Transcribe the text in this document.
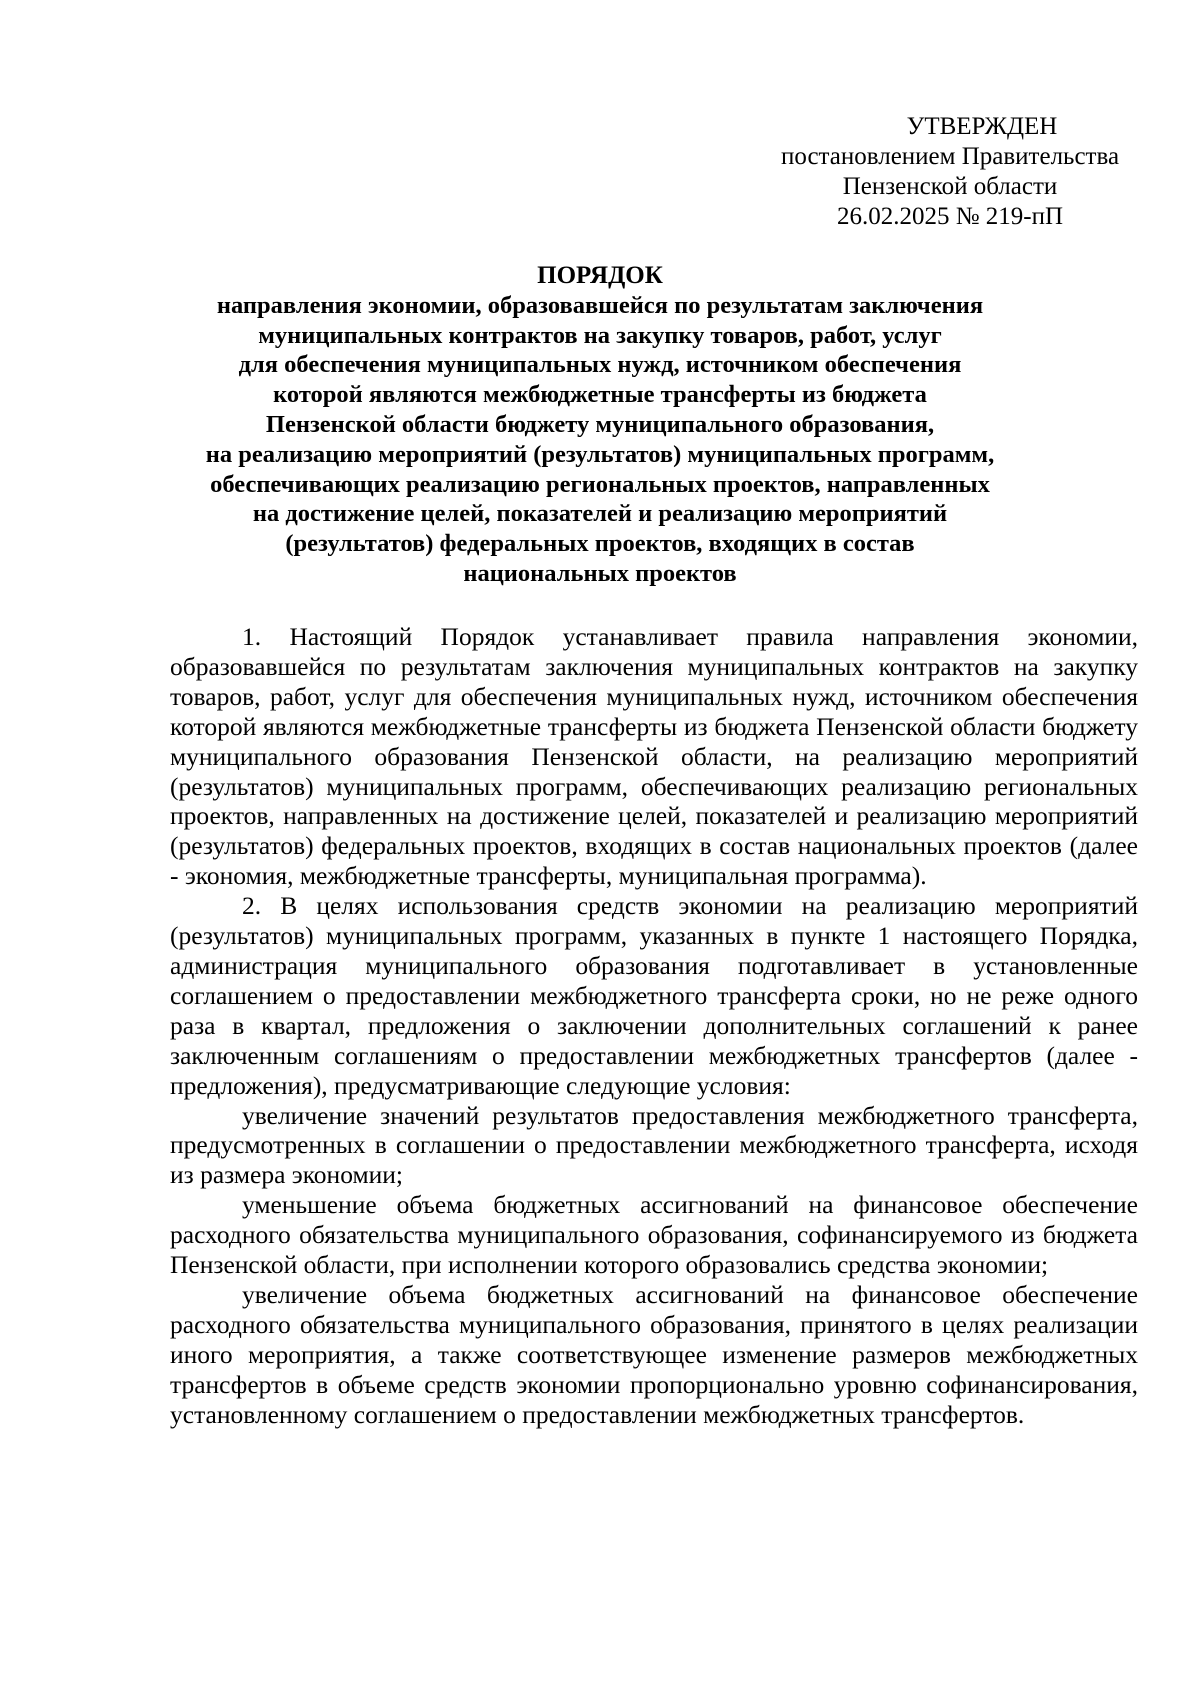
УТВЕРЖДЕН
постановлением Правительства
Пензенской области
26.02.2025 № 219-пП
ПОРЯДОК
направления экономии, образовавшейся по результатам заключения
муниципальных контрактов на закупку товаров, работ, услуг
для обеспечения муниципальных нужд, источником обеспечения
которой являются межбюджетные трансферты из бюджета
Пензенской области бюджету муниципального образования,
на реализацию мероприятий (результатов) муниципальных программ,
обеспечивающих реализацию региональных проектов, направленных
на достижение целей, показателей и реализацию мероприятий
(результатов) федеральных проектов, входящих в состав
национальных проектов

1. Настоящий Порядок устанавливает правила направления экономии, образовавшейся по результатам заключения муниципальных контрактов на закупку товаров, работ, услуг для обеспечения муниципальных нужд, источником обеспечения которой являются межбюджетные трансферты из бюджета Пензенской области бюджету муниципального образования Пензенской области, на реализацию мероприятий (результатов) муниципальных программ, обеспечивающих реализацию региональных проектов, направленных на достижение целей, показателей и реализацию мероприятий (результатов) федеральных проектов, входящих в состав национальных проектов (далее - экономия, межбюджетные трансферты, муниципальная программа).

2. В целях использования средств экономии на реализацию мероприятий (результатов) муниципальных программ, указанных в пункте 1 настоящего Порядка, администрация муниципального образования подготавливает в установленные соглашением о предоставлении межбюджетного трансферта сроки, но не реже одного раза в квартал, предложения о заключении дополнительных соглашений к ранее заключенным соглашениям о предоставлении межбюджетных трансфертов (далее - предложения), предусматривающие следующие условия:

увеличение значений результатов предоставления межбюджетного трансферта, предусмотренных в соглашении о предоставлении межбюджетного трансферта, исходя из размера экономии;

уменьшение объема бюджетных ассигнований на финансовое обеспечение расходного обязательства муниципального образования, софинансируемого из бюджета Пензенской области, при исполнении которого образовались средства экономии;

увеличение объема бюджетных ассигнований на финансовое обеспечение расходного обязательства муниципального образования, принятого в целях реализации иного мероприятия, а также соответствующее изменение размеров межбюджетных трансфертов в объеме средств экономии пропорционально уровню софинансирования, установленному соглашением о предоставлении межбюджетных трансфертов.
